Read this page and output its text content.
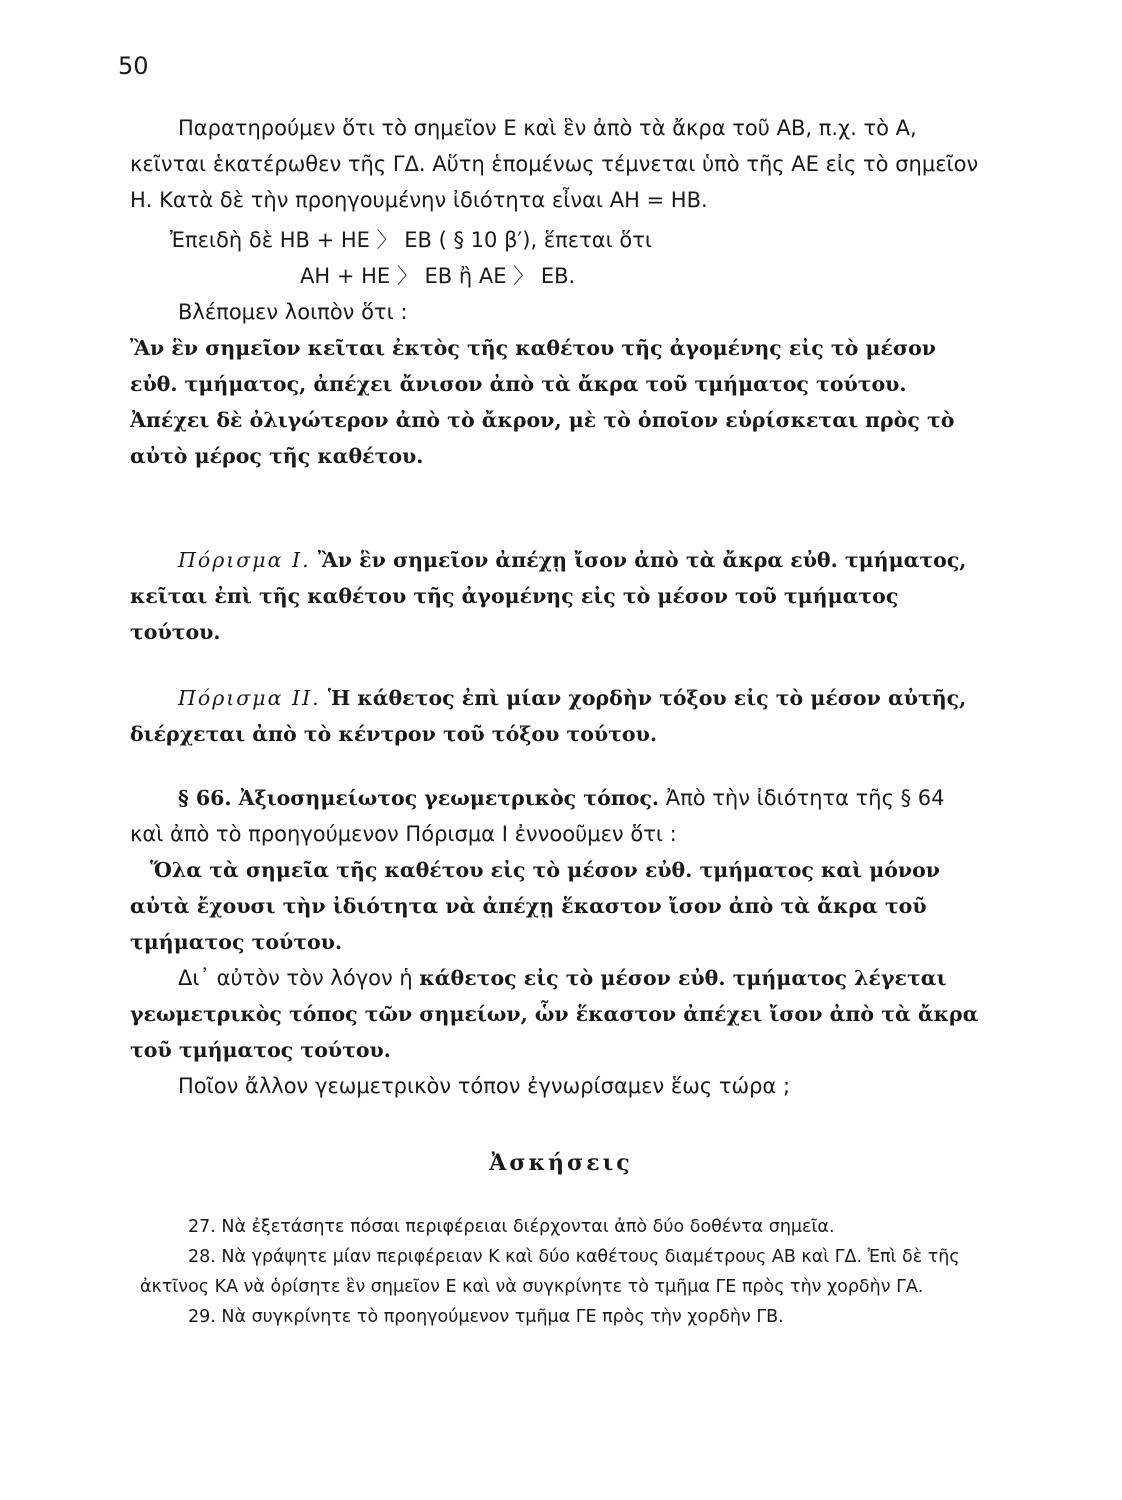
50

Παρατηρούμεν ὅτι τὸ σημεῖον Ε καὶ ἓν ἀπὸ τὰ ἄκρα τοῦ ΑΒ, π.χ. τὸ Α, κεῖνται ἑκατέρωθεν τῆς ΓΔ. Αὕτη ἑπομένως τέμνεται ὑπὸ τῆς ΑΕ εἰς τὸ σημεῖον Η. Κατὰ δὲ τὴν προηγουμένην ἰδιότητα εἶναι ΑΗ = ΗΒ.

Ἐπειδὴ δὲ ΗΒ + ΗΕ 〉 ΕΒ ( § 10 β′), ἕπεται ὅτι

ΑΗ + ΗΕ 〉 ΕΒ ἢ ΑΕ 〉 ΕΒ.

Βλέπομεν λοιπὸν ὅτι :

Ἂν ἓν σημεῖον κεῖται ἐκτὸς τῆς καθέτου τῆς ἀγομένης εἰς τὸ μέσον εὐθ. τμήματος, ἀπέχει ἄνισον ἀπὸ τὰ ἄκρα τοῦ τμήματος τούτου. Ἀπέχει δὲ ὀλιγώτερον ἀπὸ τὸ ἄκρον, μὲ τὸ ὁποῖον εὑρίσκεται πρὸς τὸ αὐτὸ μέρος τῆς καθέτου.

Πόρισμα Ι. Ἂν ἓν σημεῖον ἀπέχῃ ἴσον ἀπὸ τὰ ἄκρα εὐθ. τμήματος, κεῖται ἐπὶ τῆς καθέτου τῆς ἀγομένης εἰς τὸ μέσον τοῦ τμήματος τούτου.

Πόρισμα ΙΙ. Ἡ κάθετος ἐπὶ μίαν χορδὴν τόξου εἰς τὸ μέσον αὐτῆς, διέρχεται ἀπὸ τὸ κέντρον τοῦ τόξου τούτου.

§ 66. Ἀξιοσημείωτος γεωμετρικὸς τόπος. Ἀπὸ τὴν ἰδιότητα τῆς § 64 καὶ ἀπὸ τὸ προηγούμενον Πόρισμα Ι ἐννοοῦμεν ὅτι :

Ὅλα τὰ σημεῖα τῆς καθέτου εἰς τὸ μέσον εὐθ. τμήματος καὶ μόνον αὐτὰ ἔχουσι τὴν ἰδιότητα νὰ ἀπέχῃ ἕκαστον ἴσον ἀπὸ τὰ ἄκρα τοῦ τμήματος τούτου.

Δι᾽ αὐτὸν τὸν λόγον ἡ κάθετος εἰς τὸ μέσον εὐθ. τμήματος λέγεται γεωμετρικὸς τόπος τῶν σημείων, ὧν ἕκαστον ἀπέχει ἴσον ἀπὸ τὰ ἄκρα τοῦ τμήματος τούτου.

Ποῖον ἄλλον γεωμετρικὸν τόπον ἐγνωρίσαμεν ἕως τώρα ;

Ἀσκήσεις

27. Νὰ ἐξετάσητε πόσαι περιφέρειαι διέρχονται ἀπὸ δύο δοθέντα σημεῖα.

28. Νὰ γράψητε μίαν περιφέρειαν Κ καὶ δύο καθέτους διαμέτρους ΑΒ καὶ ΓΔ. Ἐπὶ δὲ τῆς ἀκτῖνος ΚΑ νὰ ὁρίσητε ἓν σημεῖον Ε καὶ νὰ συγκρίνητε τὸ τμῆμα ΓΕ πρὸς τὴν χορδὴν ΓΑ.

29. Νὰ συγκρίνητε τὸ προηγούμενον τμῆμα ΓΕ πρὸς τὴν χορδὴν ΓΒ.
